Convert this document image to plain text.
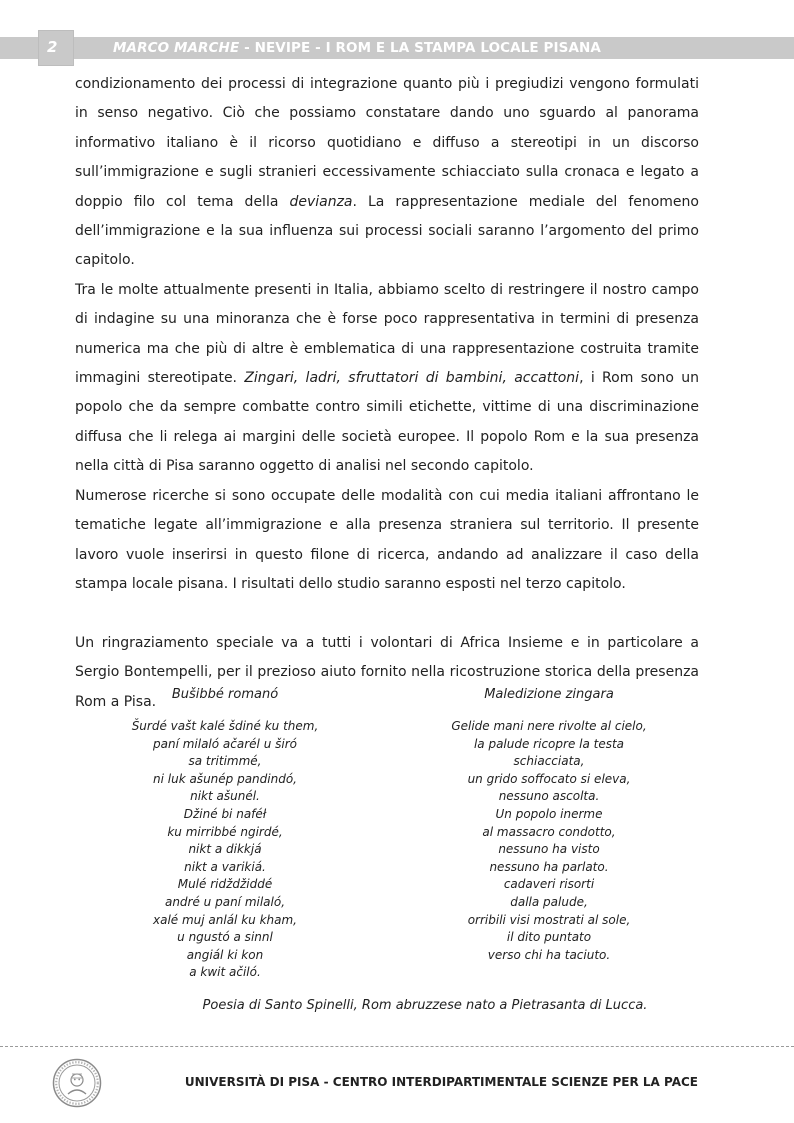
2	MARCO MARCHE - NEVIPE - I ROM E LA STAMPA LOCALE PISANA

condizionamento dei processi di integrazione quanto più i pregiudizi vengono formulati in senso negativo. Ciò che possiamo constatare dando uno sguardo al panorama informativo italiano è il ricorso quotidiano e diffuso a stereotipi in un discorso sull’immigrazione e sugli stranieri eccessivamente schiacciato sulla cronaca e legato a doppio filo col tema della devianza. La rappresentazione mediale del fenomeno dell’immigrazione e la sua influenza sui processi sociali saranno l’argomento del primo capitolo.

Tra le molte attualmente presenti in Italia, abbiamo scelto di restringere il nostro campo di indagine su una minoranza che è forse poco rappresentativa in termini di presenza numerica ma che più di altre è emblematica di una rappresentazione costruita tramite immagini stereotipate. Zingari, ladri, sfruttatori di bambini, accattoni, i Rom sono un popolo che da sempre combatte contro simili etichette, vittime di una discriminazione diffusa che li relega ai margini delle società europee. Il popolo Rom e la sua presenza nella città di Pisa saranno oggetto di analisi nel secondo capitolo.

Numerose ricerche si sono occupate delle modalità con cui media italiani affrontano le tematiche legate all’immigrazione e alla presenza straniera sul territorio. Il presente lavoro vuole inserirsi in questo filone di ricerca, andando ad analizzare il caso della stampa locale pisana. I risultati dello studio saranno esposti nel terzo capitolo.

Un ringraziamento speciale va a tutti i volontari di Africa Insieme e in particolare a Sergio Bontempelli, per il prezioso aiuto fornito nella ricostruzione storica della presenza Rom a Pisa.	Bušibbé romanó
Šurdé vašt kalé šdiné ku them,
paní milaló ačarél u širó
sa tritimmé,
ni luk ašunép pandindó,
nikt ašunél.
Džiné bi naféł
ku mirribbé ngirdé,
nikt a dikkjá
nikt a varikiá.
Mulé ridždžiddé
andré u paní milaló,
xalé muj anlál ku kham,
u ngustó a sinnl
angiál ki kon
a kwit ačiló.
Maledizione zingara
Gelide mani nere rivolte al cielo,
la palude ricopre la testa
schiacciata,
un grido soffocato si eleva,
nessuno ascolta.
Un popolo inerme
al massacro condotto,
nessuno ha visto
nessuno ha parlato.
cadaveri risorti
dalla palude,
orribili visi mostrati al sole,
il dito puntato
verso chi ha taciuto.
Poesia di Santo Spinelli, Rom abruzzese nato a Pietrasanta di Lucca.
UNIVERSITÀ DI PISA - CENTRO INTERDIPARTIMENTALE SCIENZE PER LA PACE
